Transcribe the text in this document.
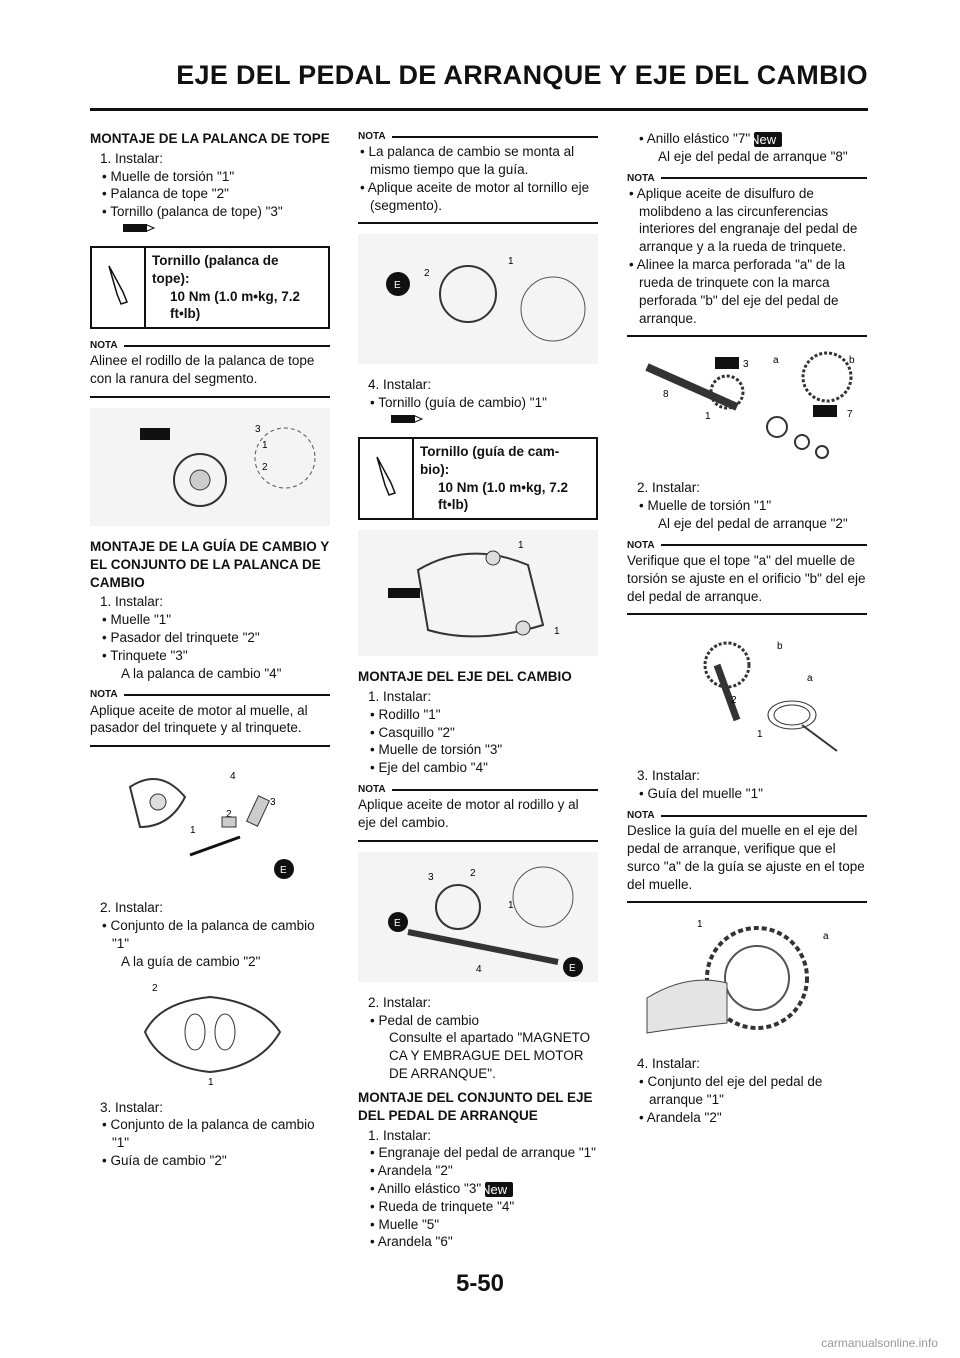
EJE DEL PEDAL DE ARRANQUE Y EJE DEL CAMBIO
MONTAJE DE LA PALANCA DE TOPE
1. Instalar:
• Muelle de torsión "1"
• Palanca de tope "2"
• Tornillo (palanca de tope) "3"
Tornillo (palanca de
tope):
10 Nm (1.0 m•kg, 7.2
ft•lb)
NOTA

Alinee el rodillo de la palanca de tope con la ranura del segmento.

3
1
2
MONTAJE DE LA GUÍA DE CAMBIO Y EL CONJUNTO DE LA PALANCA DE CAMBIO
1. Instalar:
• Muelle "1"
• Pasador del trinquete "2"
• Trinquete "3"
A la palanca de cambio "4"
NOTA

Aplique aceite de motor al muelle, al pasador del trinquete y al trinquete.

E
4
2
3
1
2. Instalar:
• Conjunto de la palanca de cambio "1"
A la guía de cambio "2"
2
1
3. Instalar:
• Conjunto de la palanca de cambio "1"
• Guía de cambio "2"
NOTA

• La palanca de cambio se monta al mismo tiempo que la guía.

• Aplique aceite de motor al tornillo eje (segmento).

E
2
1
4. Instalar:
• Tornillo (guía de cambio) "1"
Tornillo (guía de cam-
bio):
10 Nm (1.0 m•kg, 7.2
ft•lb)
1
1
MONTAJE DEL EJE DEL CAMBIO
1. Instalar:
• Rodillo "1"
• Casquillo "2"
• Muelle de torsión "3"
• Eje del cambio "4"
NOTA

Aplique aceite de motor al rodillo y al eje del cambio.

E
E
3	2
1
4
2. Instalar:
• Pedal de cambio
Consulte el apartado "MAGNETO CA Y EMBRAGUE DEL MOTOR DE ARRANQUE".
MONTAJE DEL CONJUNTO DEL EJE DEL PEDAL DE ARRANQUE
1. Instalar:
• Engranaje del pedal de arranque "1"
• Arandela "2"
• Anillo elástico "3"New
• Rueda de trinquete "4"
• Muelle "5"
• Arandela "6"
• Anillo elástico "7"New
Al eje del pedal de arranque "8"
NOTA

• Aplique aceite de disulfuro de molibdeno a las circunferencias interiores del engranaje del pedal de arranque y a la rueda de trinquete.

• Alinee la marca perforada "a" de la rueda de trinquete con la marca perforada "b" del eje del pedal de arranque.

8
1
3 a	b
7
2. Instalar:
• Muelle de torsión "1"
Al eje del pedal de arranque "2"
NOTA

Verifique que el tope "a" del muelle de torsión se ajuste en el orificio "b" del eje del pedal de arranque.

b
a
2
1
3. Instalar:
• Guía del muelle "1"
NOTA

Deslice la guía del muelle en el eje del pedal de arranque, verifique que el surco "a" de la guía se ajuste en el tope del muelle.

1
a
4. Instalar:
• Conjunto del eje del pedal de arranque "1"
• Arandela "2"
5-50
carmanualsonline.info
